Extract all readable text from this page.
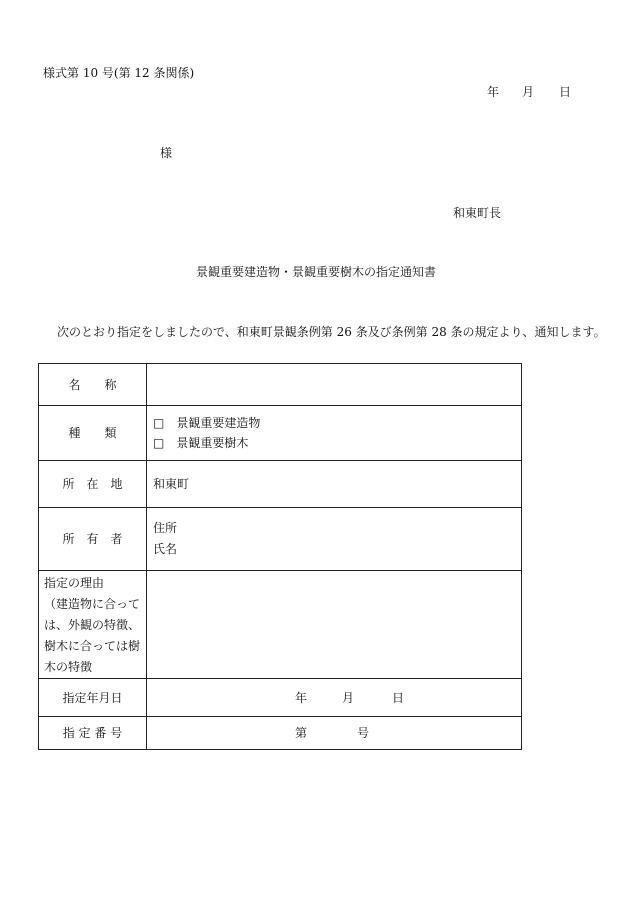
様式第 10 号(第 12 条関係)
年 月 日
様
和東町長
景観重要建造物・景観重要樹木の指定通知書
次のとおり指定をしましたので、和東町景観条例第 26 条及び条例第 28 条の規定より、通知します。
名　　称	
種　　類	□　景観重要建造物
□　景観重要樹木

所　在　地	和東町
所　有　者	住所
氏名

指定の理由
（建造物に合っては、外観の特徴、樹木に合っては樹木の特徴	
指定年月日	年 月 日

指 定 番 号	第 号
